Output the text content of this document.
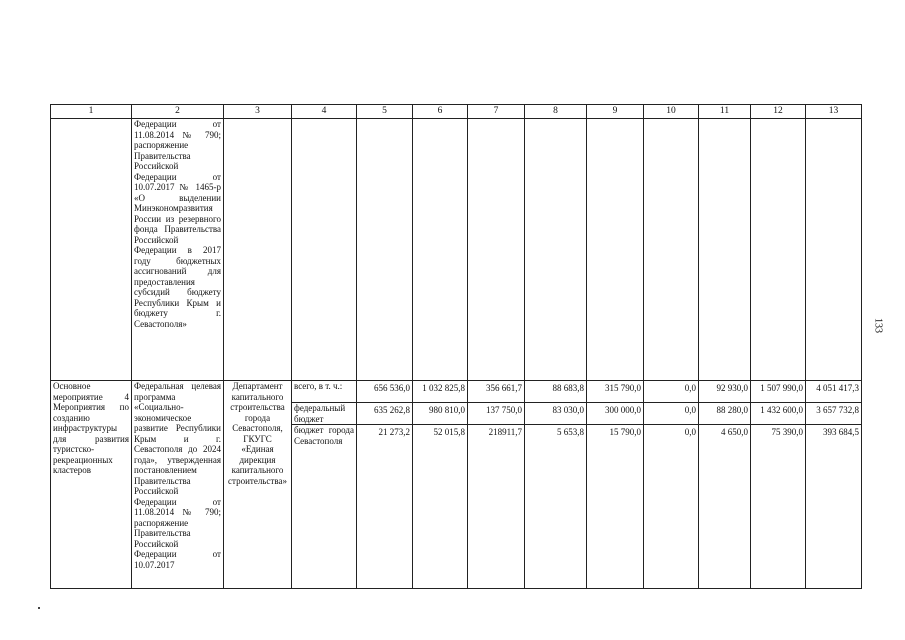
133
1	2	3	4	5	6	7	8	9	10	11	12	13
	Федерации от 11.08.2014 № 790; распоряжение Правительства Российской Федерации от 10.07.2017 № 1465-р «О выделении Минэкономразвития России из резервного фонда Правительства Российской Федерации в 2017 году бюджетных ассигнований для предоставления субсидий бюджету Республики Крым и бюджету г. Севастополя»											
Основное мероприятие 4 Мероприятия по созданию инфраструктуры для развития туристско-рекреационных кластеров	Федеральная целевая программа «Социально-экономическое развитие Республики Крым и г. Севастополя до 2024 года», утвержденная постановлением Правительства Российской Федерации от 11.08.2014 № 790; распоряжение Правительства Российской Федерации от 10.07.2017	Департамент капитального строительства города Севастополя, ГКУГС «Единая дирекция капитального строительства»	всего, в т. ч.:	656 536,0	1 032 825,8	356 661,7	88 683,8	315 790,0	0,0	92 930,0	1 507 990,0	4 051 417,3
			федеральный бюджет	635 262,8	980 810,0	137 750,0	83 030,0	300 000,0	0,0	88 280,0	1 432 600,0	3 657 732,8
			бюджет города Севастополя	21 273,2	52 015,8	218911,7	5 653,8	15 790,0	0,0	4 650,0	75 390,0	393 684,5
